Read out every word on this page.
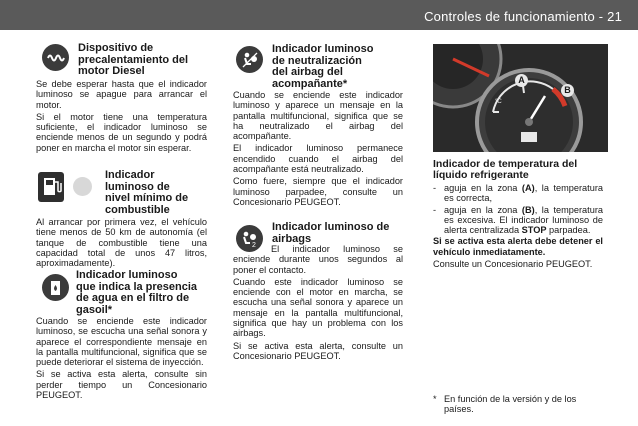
Controles de funcionamiento - 21
Dispositivo de
precalentamiento del
motor Diesel

Se debe esperar hasta que el indicador luminoso se apague para arrancar el motor.

Si el motor tiene una temperatura suficiente, el indicador luminoso se enciende menos de un segundo y podrá poner en marcha el motor sin esperar.

Indicador
luminoso de
nivel mínimo de
combustible

Al arrancar por primera vez, el vehículo tiene menos de 50 km de autonomía (el tanque de combustible tiene una capacidad total de unos 47 litros, aproximadamente).

Indicador luminoso
que indica la presencia
de agua en el filtro de
gasoil*

Cuando se enciende este indicador luminoso, se escucha una señal sonora y aparece el correspondiente mensaje en la pantalla multifuncional, significa que se puede deteriorar el sistema de inyección.

Si se activa esta alerta, consulte sin perder tiempo un Concesionario PEUGEOT.

Indicador luminoso
de neutralización
del airbag del
acompañante*

Cuando se enciende este indicador luminoso y aparece un mensaje en la pantalla multifuncional, significa que se ha neutralizado el airbag del acompañante.

El indicador luminoso permanece encendido cuando el airbag del acompañante está neutralizado.

Como fuere, siempre que el indicador luminoso parpadee, consulte un Concesionario PEUGEOT.

2
Indicador luminoso de
airbags

El indicador luminoso se enciende durante unos segundos al poner el contacto.

Cuando este indicador luminoso se enciende con el motor en marcha, se escucha una señal sonora y aparece un mensaje en la pantalla multifuncional, significa que hay un problema con los airbags.

Si se activa esta alerta, consulte un Concesionario PEUGEOT.

A
B
°C
Indicador de temperatura del
líquido refrigerante
- aguja en la zona (A), la temperatura es correcta,
- aguja en la zona (B), la temperatura es excesiva. El indicador luminoso de alerta centralizada STOP parpadea.

Si se activa esta alerta debe detener el vehículo inmediatamente.

Consulte un Concesionario PEUGEOT.

* En función de la versión y de los países.
